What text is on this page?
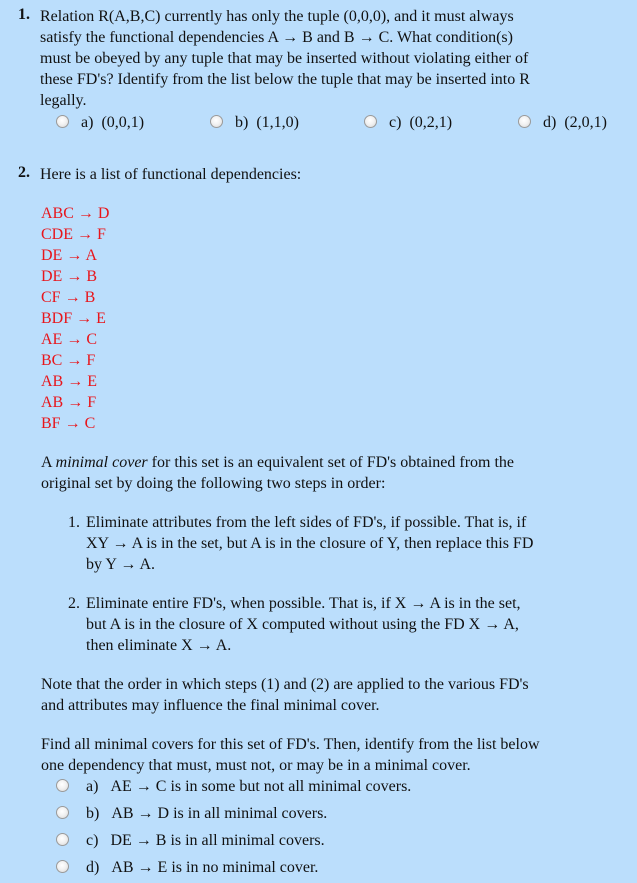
1. Relation R(A,B,C) currently has only the tuple (0,0,0), and it must always
satisfy the functional dependencies A → B and B → C. What condition(s)
must be obeyed by any tuple that may be inserted without violating either of
these FD's? Identify from the list below the tuple that may be inserted into R
legally.
a) (0,0,1)	b) (1,1,0)	c) (0,2,1)	d) (2,0,1)
2. Here is a list of functional dependencies:
ABC → D
CDE → F
DE → A
DE → B
CF → B
BDF → E
AE → C
BC → F
AB → E
AB → F
BF → C
A minimal cover for this set is an equivalent set of FD's obtained from the
original set by doing the following two steps in order:
1. Eliminate attributes from the left sides of FD's, if possible. That is, if
XY → A is in the set, but A is in the closure of Y, then replace this FD
by Y → A.
2. Eliminate entire FD's, when possible. That is, if X → A is in the set,
but A is in the closure of X computed without using the FD X → A,
then eliminate X → A.
Note that the order in which steps (1) and (2) are applied to the various FD's
and attributes may influence the final minimal cover.
Find all minimal covers for this set of FD's. Then, identify from the list below
one dependency that must, must not, or may be in a minimal cover.
a) AE → C is in some but not all minimal covers.
b) AB → D is in all minimal covers.
c) DE → B is in all minimal covers.
d) AB → E is in no minimal cover.
